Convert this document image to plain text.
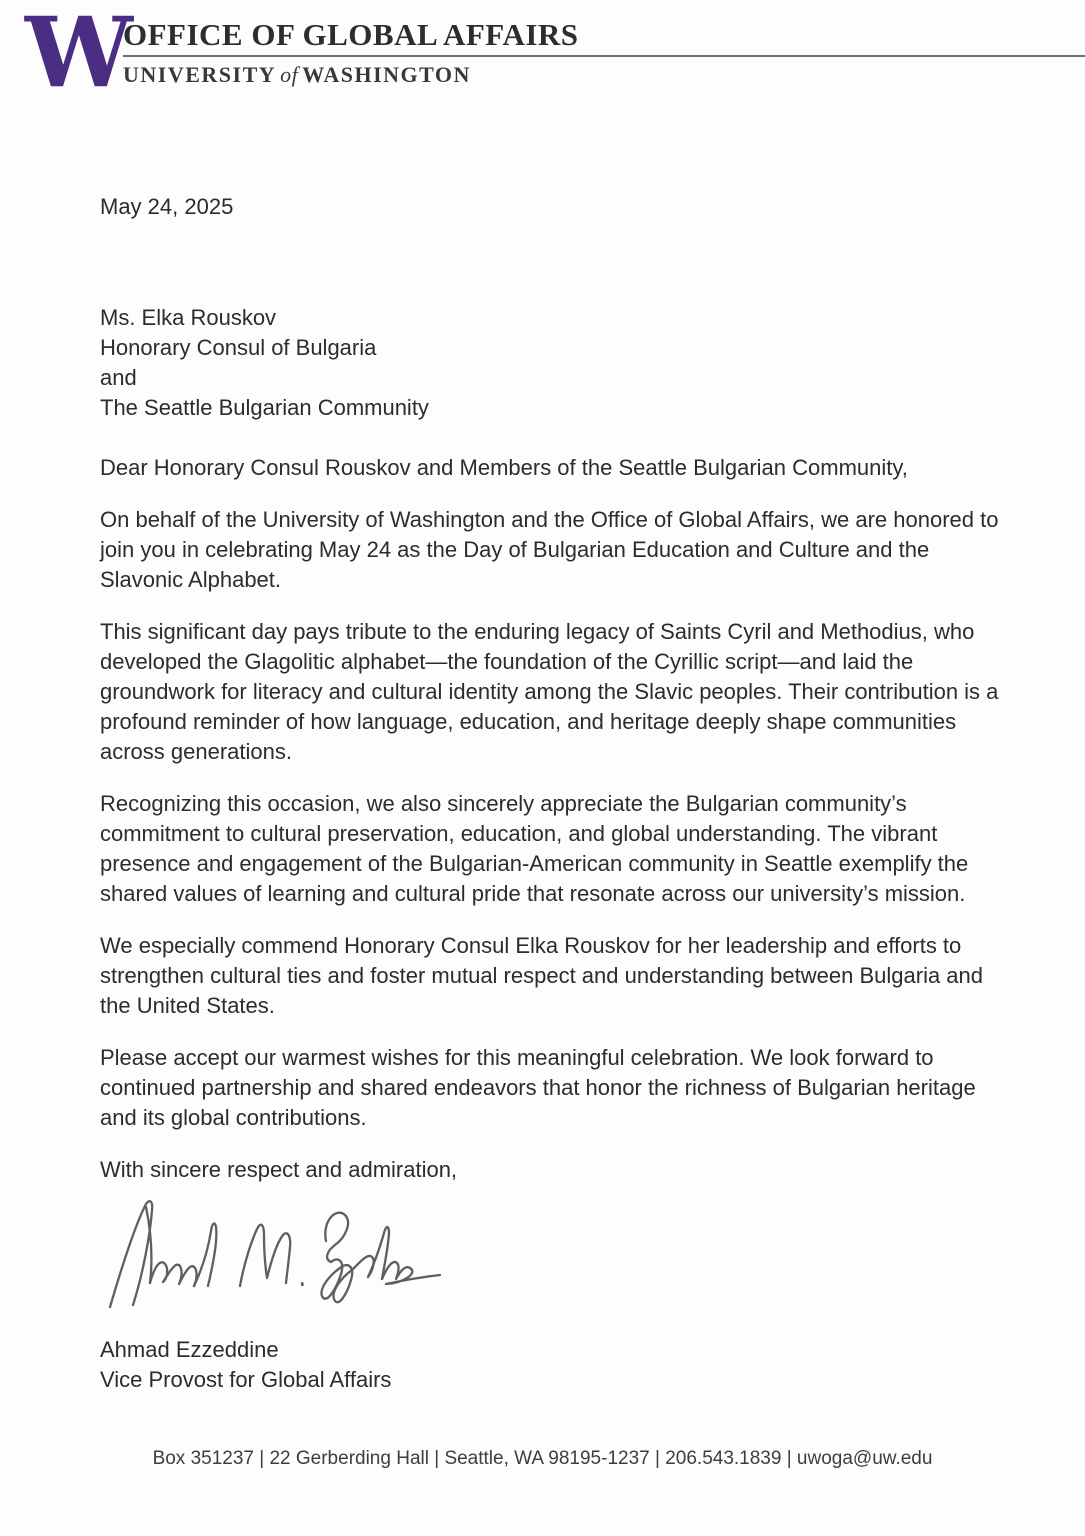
W
OFFICE OF GLOBAL AFFAIRS
UNIVERSITY of WASHINGTON
May 24, 2025
Ms. Elka Rouskov
Honorary Consul of Bulgaria
and
The Seattle Bulgarian Community
Dear Honorary Consul Rouskov and Members of the Seattle Bulgarian Community,

On behalf of the University of Washington and the Office of Global Affairs, we are honored to join you in celebrating May 24 as the Day of Bulgarian Education and Culture and the Slavonic Alphabet.

This significant day pays tribute to the enduring legacy of Saints Cyril and Methodius, who developed the Glagolitic alphabet—the foundation of the Cyrillic script—and laid the groundwork for literacy and cultural identity among the Slavic peoples. Their contribution is a profound reminder of how language, education, and heritage deeply shape communities across generations.

Recognizing this occasion, we also sincerely appreciate the Bulgarian community’s commitment to cultural preservation, education, and global understanding. The vibrant presence and engagement of the Bulgarian-American community in Seattle exemplify the shared values of learning and cultural pride that resonate across our university’s mission.

We especially commend Honorary Consul Elka Rouskov for her leadership and efforts to strengthen cultural ties and foster mutual respect and understanding between Bulgaria and the United States.

Please accept our warmest wishes for this meaningful celebration. We look forward to continued partnership and shared endeavors that honor the richness of Bulgarian heritage and its global contributions.

With sincere respect and admiration,
Ahmad Ezzeddine
Vice Provost for Global Affairs
Box 351237 | 22 Gerberding Hall | Seattle, WA 98195-1237 | 206.543.1839 | uwoga@uw.edu
